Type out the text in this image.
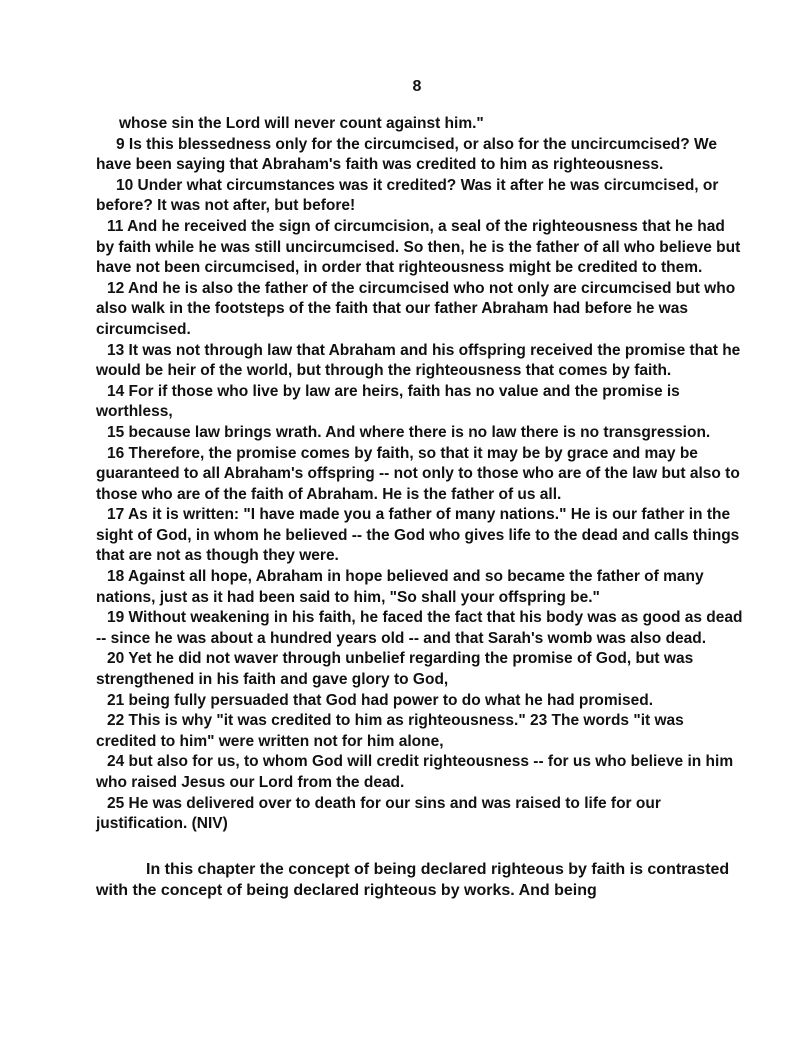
8

whose sin the Lord will never count against him."

9 Is this blessedness only for the circumcised, or also for the uncircumcised? We have been saying that Abraham's faith was credited to him as righteousness.

10 Under what circumstances was it credited? Was it after he was circumcised, or before? It was not after, but before!

11 And he received the sign of circumcision, a seal of the righteousness that he had by faith while he was still uncircumcised. So then, he is the father of all who believe but have not been circumcised, in order that righteousness might be credited to them.

12 And he is also the father of the circumcised who not only are circumcised but who also walk in the footsteps of the faith that our father Abraham had before he was circumcised.

13 It was not through law that Abraham and his offspring received the promise that he would be heir of the world, but through the righteousness that comes by faith.

14 For if those who live by law are heirs, faith has no value and the promise is worthless,

15 because law brings wrath. And where there is no law there is no transgression.

16 Therefore, the promise comes by faith, so that it may be by grace and may be guaranteed to all Abraham's offspring -- not only to those who are of the law but also to those who are of the faith of Abraham. He is the father of us all.

17 As it is written: "I have made you a father of many nations." He is our father in the sight of God, in whom he believed -- the God who gives life to the dead and calls things that are not as though they were.

18 Against all hope, Abraham in hope believed and so became the father of many nations, just as it had been said to him, "So shall your offspring be."

19 Without weakening in his faith, he faced the fact that his body was as good as dead -- since he was about a hundred years old -- and that Sarah's womb was also dead.

20 Yet he did not waver through unbelief regarding the promise of God, but was strengthened in his faith and gave glory to God,

21 being fully persuaded that God had power to do what he had promised.

22 This is why "it was credited to him as righteousness." 23 The words "it was credited to him" were written not for him alone,

24 but also for us, to whom God will credit righteousness -- for us who believe in him who raised Jesus our Lord from the dead.

25 He was delivered over to death for our sins and was raised to life for our justification. (NIV)

In this chapter the concept of being declared righteous by faith is contrasted with the concept of being declared righteous by works. And being
